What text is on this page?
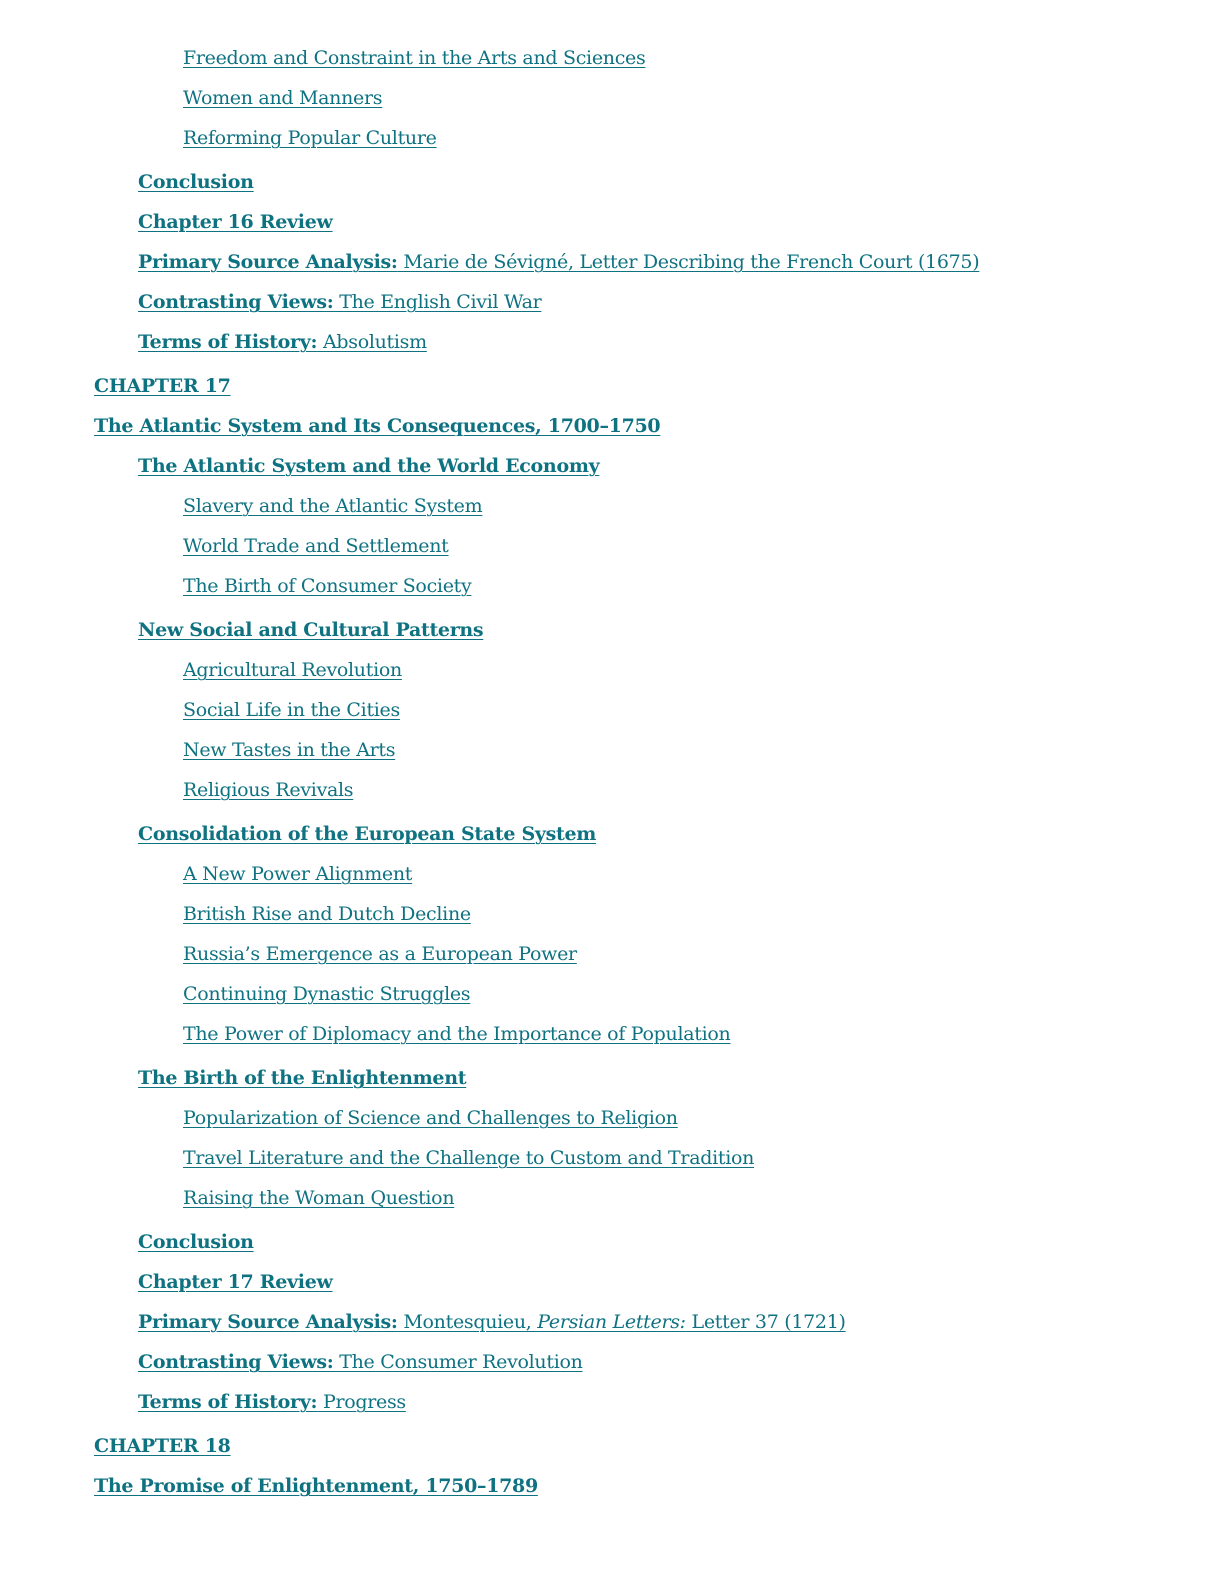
Freedom and Constraint in the Arts and Sciences
Women and Manners
Reforming Popular Culture
Conclusion
Chapter 16 Review
Primary Source Analysis: Marie de Sévigné, Letter Describing the French Court (1675)
Contrasting Views: The English Civil War
Terms of History: Absolutism
CHAPTER 17
The Atlantic System and Its Consequences, 1700–1750
The Atlantic System and the World Economy
Slavery and the Atlantic System
World Trade and Settlement
The Birth of Consumer Society
New Social and Cultural Patterns
Agricultural Revolution
Social Life in the Cities
New Tastes in the Arts
Religious Revivals
Consolidation of the European State System
A New Power Alignment
British Rise and Dutch Decline
Russia’s Emergence as a European Power
Continuing Dynastic Struggles
The Power of Diplomacy and the Importance of Population
The Birth of the Enlightenment
Popularization of Science and Challenges to Religion
Travel Literature and the Challenge to Custom and Tradition
Raising the Woman Question
Conclusion
Chapter 17 Review
Primary Source Analysis: Montesquieu, Persian Letters: Letter 37 (1721)
Contrasting Views: The Consumer Revolution
Terms of History: Progress
CHAPTER 18
The Promise of Enlightenment, 1750–1789
